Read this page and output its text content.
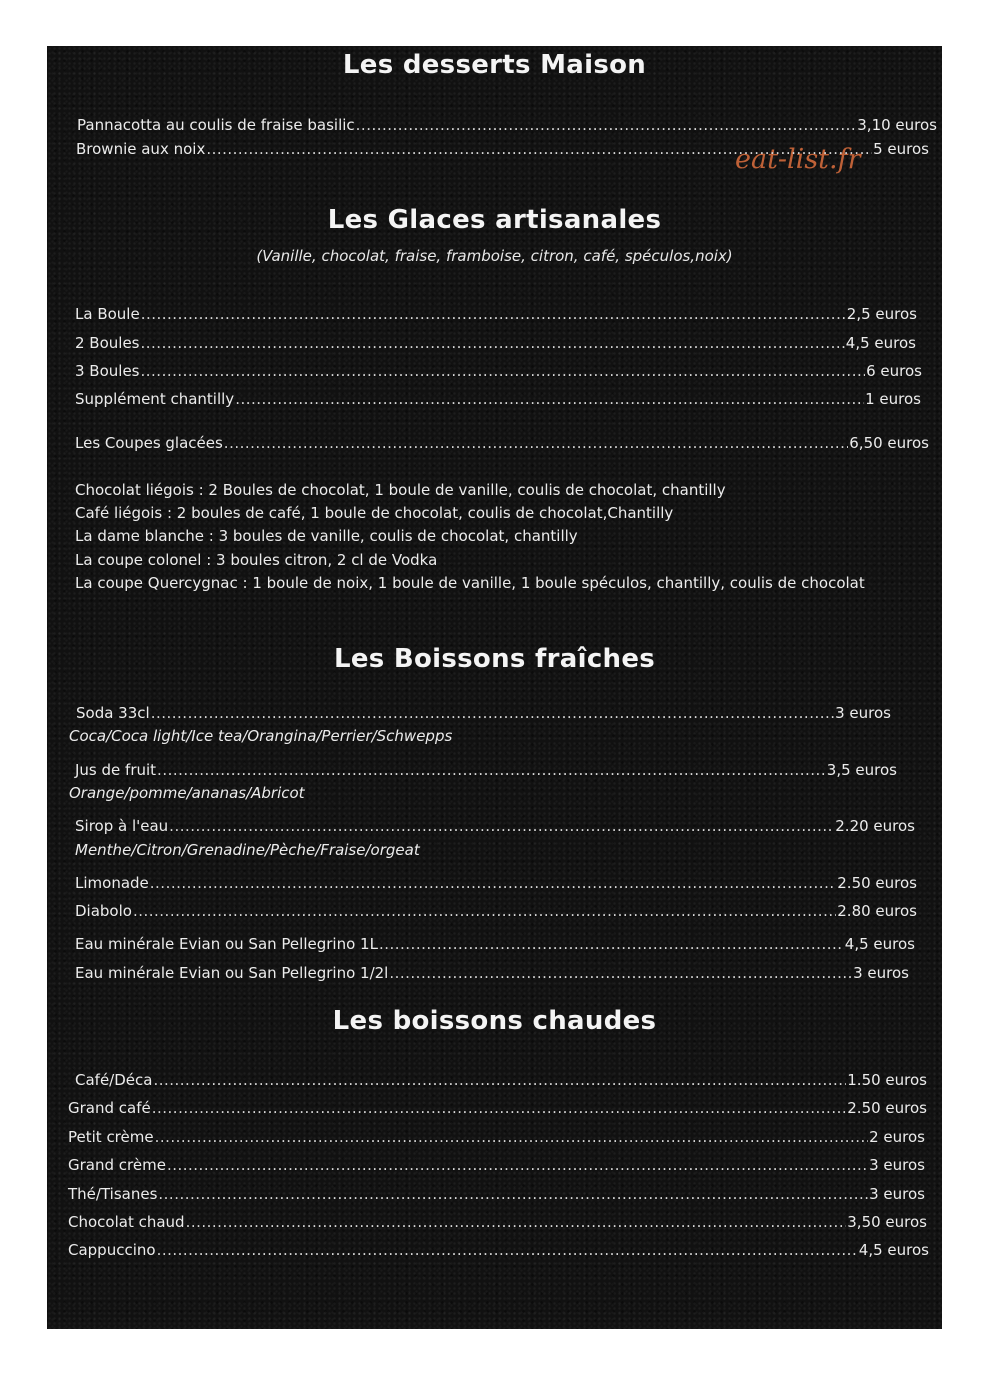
eat-list.fr
Les desserts Maison
Pannacotta au coulis de fraise basilic .....	3,10 euros
Brownie aux noix .....	5 euros
Les Glaces artisanales

(Vanille, chocolat, fraise, framboise, citron, café, spéculos,noix)

La Boule .....	2,5 euros
2 Boules .....	4,5 euros
3 Boules .....	6 euros
Supplément chantilly .....	1 euros
Les Coupes glacées .....	6,50 euros
Chocolat liégois : 2 Boules de chocolat, 1 boule de vanille, coulis de chocolat, chantilly
Café liégois : 2 boules de café, 1 boule de chocolat, coulis de chocolat,Chantilly
La dame blanche : 3 boules de vanille, coulis de chocolat, chantilly
La coupe colonel : 3 boules citron, 2 cl de Vodka
La coupe Quercygnac : 1 boule de noix, 1 boule de vanille, 1 boule spéculos, chantilly, coulis de chocolat
Les Boissons fraîches
Soda 33cl .....	3 euros
Coca/Coca light/Ice tea/Orangina/Perrier/Schwepps
Jus de fruit .....	3,5 euros
Orange/pomme/ananas/Abricot
Sirop à l'eau .....	2.20 euros
Menthe/Citron/Grenadine/Pèche/Fraise/orgeat
Limonade .....	2.50 euros
Diabolo .....	2.80 euros
Eau minérale Evian ou San Pellegrino 1L .....	4,5 euros
Eau minérale Evian ou San Pellegrino 1/2l .....	3 euros
Les boissons chaudes
Café/Déca .....	1.50 euros
Grand café .....	2.50 euros
Petit crème .....	2 euros
Grand crème .....	3 euros
Thé/Tisanes .....	3 euros
Chocolat chaud .....	3,50 euros
Cappuccino .....	4,5 euros
